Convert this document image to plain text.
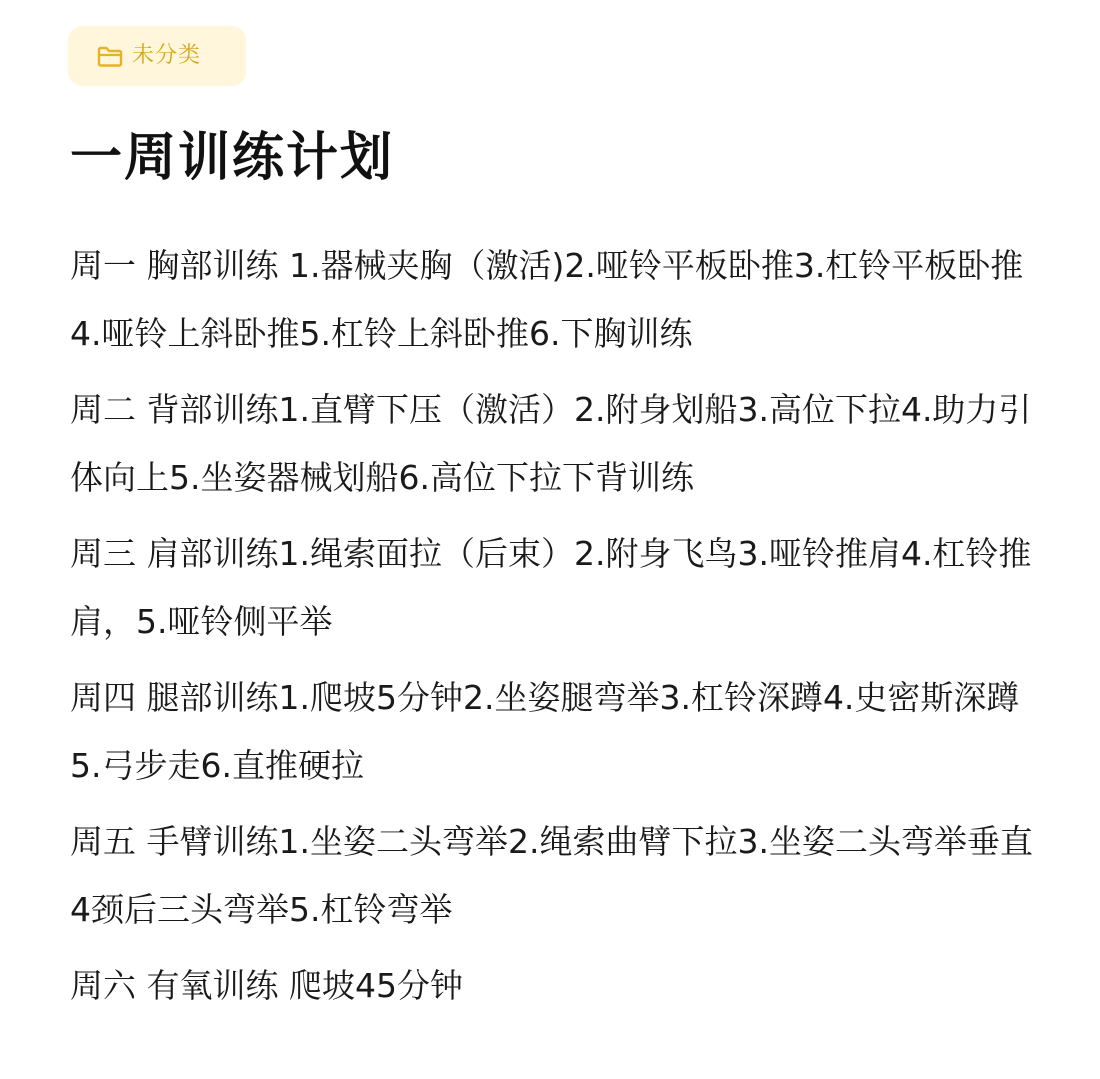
未分类
一周训练计划
周一 胸部训练 1.器械夹胸（激活)2.哑铃平板卧推3.杠铃平板卧推4.哑铃上斜卧推5.杠铃上斜卧推6.下胸训练
周二 背部训练1.直臂下压（激活）2.附身划船3.高位下拉4.助力引体向上5.坐姿器械划船6.高位下拉下背训练
周三 肩部训练1.绳索面拉（后束）2.附身飞鸟3.哑铃推肩4.杠铃推肩，5.哑铃侧平举
周四 腿部训练1.爬坡5分钟2.坐姿腿弯举3.杠铃深蹲4.史密斯深蹲5.弓步走6.直推硬拉
周五 手臂训练1.坐姿二头弯举2.绳索曲臂下拉3.坐姿二头弯举垂直4颈后三头弯举5.杠铃弯举
周六 有氧训练 爬坡45分钟
